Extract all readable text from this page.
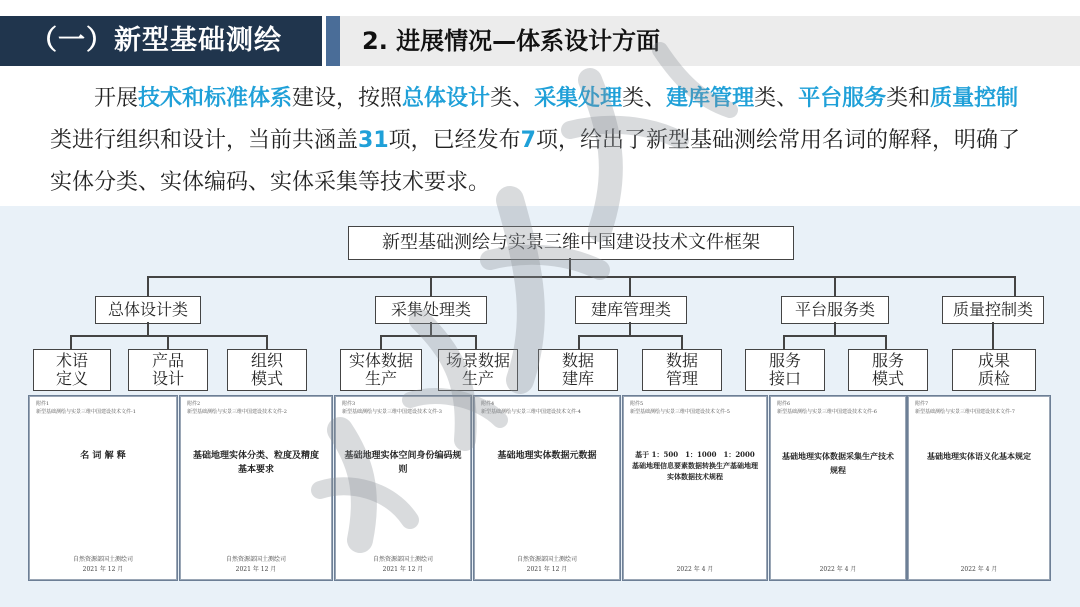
（一）新型基础测绘	2. 进展情况—体系设计方面
开展技术和标准体系建设，按照总体设计类、采集处理类、建库管理类、平台服务类和质量控制类进行组织和设计，当前共涵盖31项，已经发布7项，给出了新型基础测绘常用名词的解释，明确了实体分类、实体编码、实体采集等技术要求。
新型基础测绘与实景三维中国建设技术文件框架
总体设计类	采集处理类	建库管理类	平台服务类	质量控制类
术语
定义
产品
设计
组织
模式
实体数据
生产
场景数据
生产
数据
建库
数据
管理
服务
接口
服务
模式
成果
质检
附件1
新型基础测绘与实景三维中国建设技术文件-1
名 词 解 释
自然资源部国土测绘司
2021 年 12 月
附件2
新型基础测绘与实景三维中国建设技术文件-2
基础地理实体分类、粒度及精度基本要求
自然资源部国土测绘司
2021 年 12 月
附件3
新型基础测绘与实景三维中国建设技术文件-3
基础地理实体空间身份编码规则
自然资源部国土测绘司
2021 年 12 月
附件4
新型基础测绘与实景三维中国建设技术文件-4
基础地理实体数据元数据
自然资源部国土测绘司
2021 年 12 月
附件5
新型基础测绘与实景三维中国建设技术文件-5
基于 1：500　1：1000　1：2000 基础地理信息要素数据转换生产基础地理实体数据技术规程
2022 年 4 月
附件6
新型基础测绘与实景三维中国建设技术文件-6
基础地理实体数据采集生产技术规程
2022 年 4 月
附件7
新型基础测绘与实景三维中国建设技术文件-7
基础地理实体语义化基本规定
2022 年 4 月
